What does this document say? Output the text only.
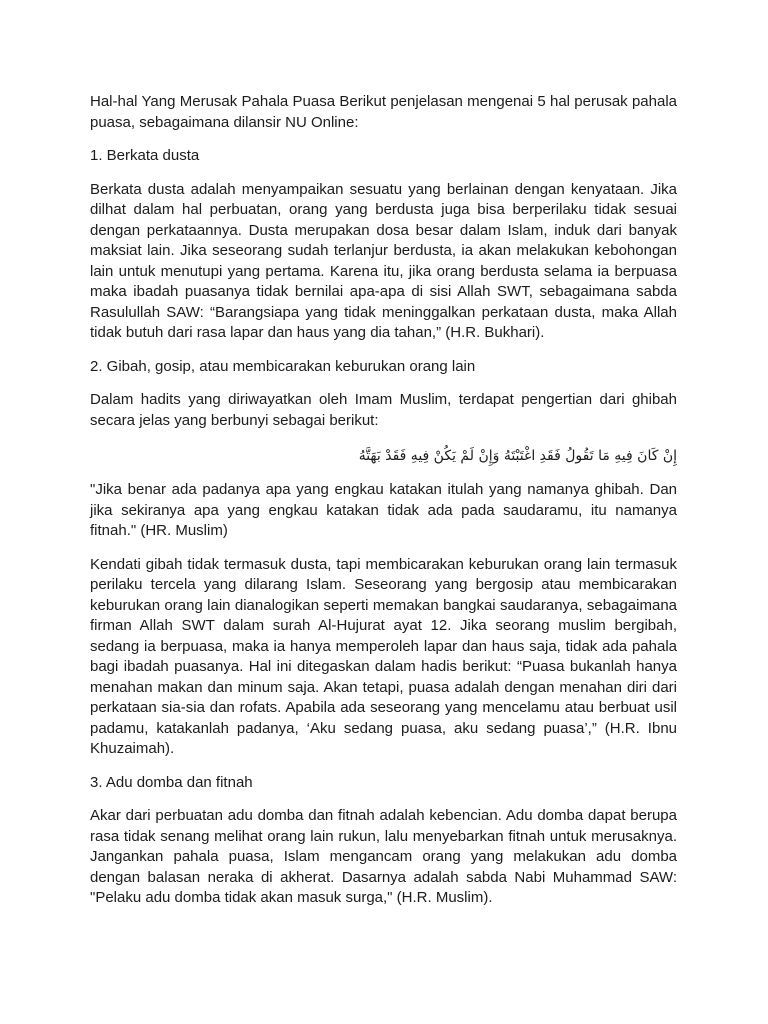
Hal-hal Yang Merusak Pahala Puasa Berikut penjelasan mengenai 5 hal perusak pahala puasa, sebagaimana dilansir NU Online:

1. Berkata dusta

Berkata dusta adalah menyampaikan sesuatu yang berlainan dengan kenyataan. Jika dilhat dalam hal perbuatan, orang yang berdusta juga bisa berperilaku tidak sesuai dengan perkataannya. Dusta merupakan dosa besar dalam Islam, induk dari banyak maksiat lain. Jika seseorang sudah terlanjur berdusta, ia akan melakukan kebohongan lain untuk menutupi yang pertama. Karena itu, jika orang berdusta selama ia berpuasa maka ibadah puasanya tidak bernilai apa-apa di sisi Allah SWT, sebagaimana sabda Rasulullah SAW: “Barangsiapa yang tidak meninggalkan perkataan dusta, maka Allah tidak butuh dari rasa lapar dan haus yang dia tahan,” (H.R. Bukhari).

2. Gibah, gosip, atau membicarakan keburukan orang lain

Dalam hadits yang diriwayatkan oleh Imam Muslim, terdapat pengertian dari ghibah secara jelas yang berbunyi sebagai berikut:

إِنْ كَانَ فِيهِ مَا تَقُولُ فَقَدِ اغْتَبْتَهُ وَإِنْ لَمْ يَكُنْ فِيهِ فَقَدْ بَهَتَّهُ

"Jika benar ada padanya apa yang engkau katakan itulah yang namanya ghibah. Dan jika sekiranya apa yang engkau katakan tidak ada pada saudaramu, itu namanya fitnah." (HR. Muslim)

Kendati gibah tidak termasuk dusta, tapi membicarakan keburukan orang lain termasuk perilaku tercela yang dilarang Islam. Seseorang yang bergosip atau membicarakan keburukan orang lain dianalogikan seperti memakan bangkai saudaranya, sebagaimana firman Allah SWT dalam surah Al-Hujurat ayat 12. Jika seorang muslim bergibah, sedang ia berpuasa, maka ia hanya memperoleh lapar dan haus saja, tidak ada pahala bagi ibadah puasanya. Hal ini ditegaskan dalam hadis berikut: “Puasa bukanlah hanya menahan makan dan minum saja. Akan tetapi, puasa adalah dengan menahan diri dari perkataan sia-sia dan rofats. Apabila ada seseorang yang mencelamu atau berbuat usil padamu, katakanlah padanya, ‘Aku sedang puasa, aku sedang puasa’,” (H.R. Ibnu Khuzaimah).

3. Adu domba dan fitnah

Akar dari perbuatan adu domba dan fitnah adalah kebencian. Adu domba dapat berupa rasa tidak senang melihat orang lain rukun, lalu menyebarkan fitnah untuk merusaknya. Jangankan pahala puasa, Islam mengancam orang yang melakukan adu domba dengan balasan neraka di akherat. Dasarnya adalah sabda Nabi Muhammad SAW: "Pelaku adu domba tidak akan masuk surga," (H.R. Muslim).
